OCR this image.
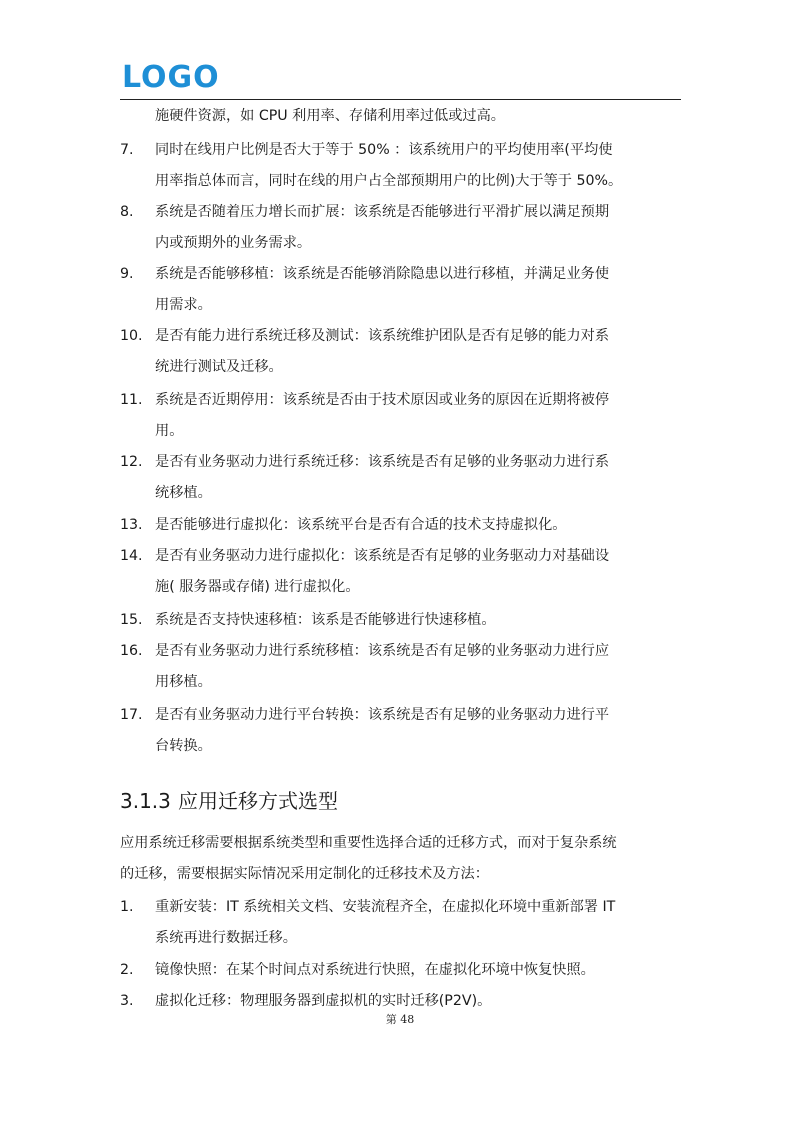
LOGO
施硬件资源，如 CPU 利用率、存储利用率过低或过高。
7. 同时在线用户比例是否大于等于 50% ：该系统用户的平均使用率(平均使
用率指总体而言，同时在线的用户占全部预期用户的比例)大于等于 50%。
8. 系统是否随着压力增长而扩展：该系统是否能够进行平滑扩展以满足预期
内或预期外的业务需求。
9. 系统是否能够移植：该系统是否能够消除隐患以进行移植，并满足业务使
用需求。
10. 是否有能力进行系统迁移及测试：该系统维护团队是否有足够的能力对系
统进行测试及迁移。
11. 系统是否近期停用：该系统是否由于技术原因或业务的原因在近期将被停
用。
12. 是否有业务驱动力进行系统迁移：该系统是否有足够的业务驱动力进行系
统移植。
13. 是否能够进行虚拟化：该系统平台是否有合适的技术支持虚拟化。
14. 是否有业务驱动力进行虚拟化：该系统是否有足够的业务驱动力对基础设
施( 服务器或存储) 进行虚拟化。
15. 系统是否支持快速移植：该系是否能够进行快速移植。
16. 是否有业务驱动力进行系统移植：该系统是否有足够的业务驱动力进行应
用移植。
17. 是否有业务驱动力进行平台转换：该系统是否有足够的业务驱动力进行平
台转换。
3.1.3 应用迁移方式选型
应用系统迁移需要根据系统类型和重要性选择合适的迁移方式，而对于复杂系统
的迁移，需要根据实际情况采用定制化的迁移技术及方法：
1. 重新安装：IT 系统相关文档、安装流程齐全，在虚拟化环境中重新部署 IT
系统再进行数据迁移。
2. 镜像快照：在某个时间点对系统进行快照，在虚拟化环境中恢复快照。
3. 虚拟化迁移：物理服务器到虚拟机的实时迁移(P2V)。
第 48
